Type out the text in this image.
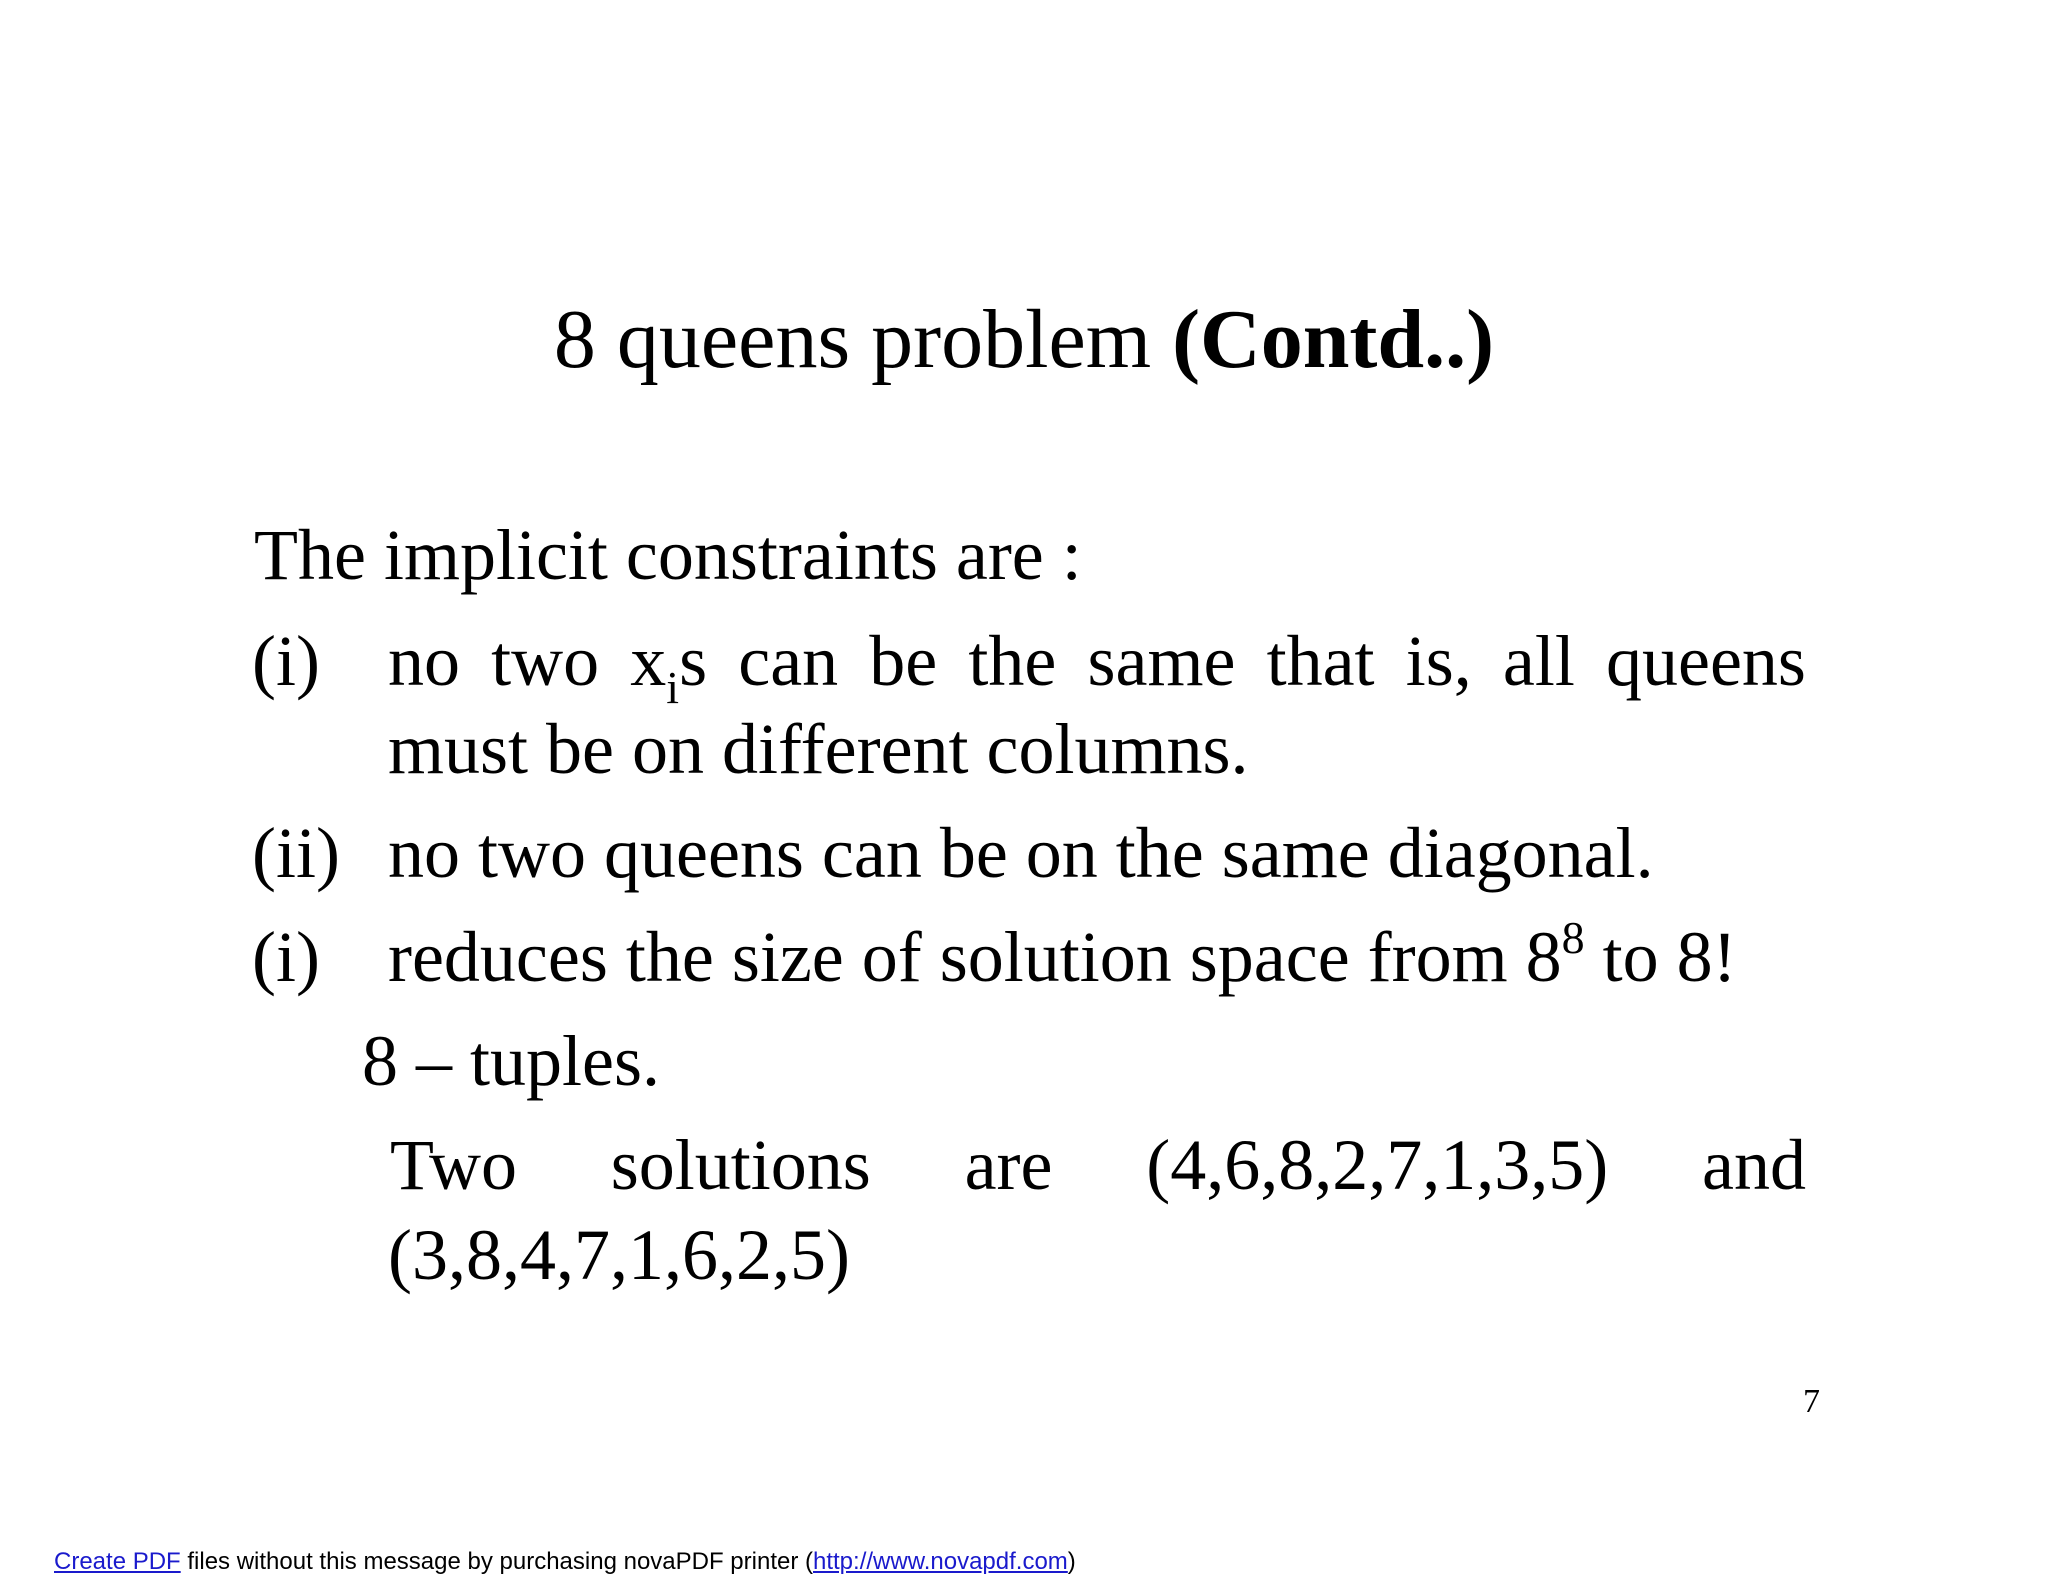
8 queens problem (Contd..)
The implicit constraints are :
(i) no two $x_is$ can be the same that is, all queens
must be on different columns.
(ii) no two queens can be on the same diagonal.
(i) reduces the size of solution space from $8^8$ to 8!
8 – tuples.
Two solutions are (4,6,8,2,7,1,3,5) and
(3,8,4,7,1,6,2,5)
7
Create PDF files without this message by purchasing novaPDF printer (http://www.novapdf.com)
